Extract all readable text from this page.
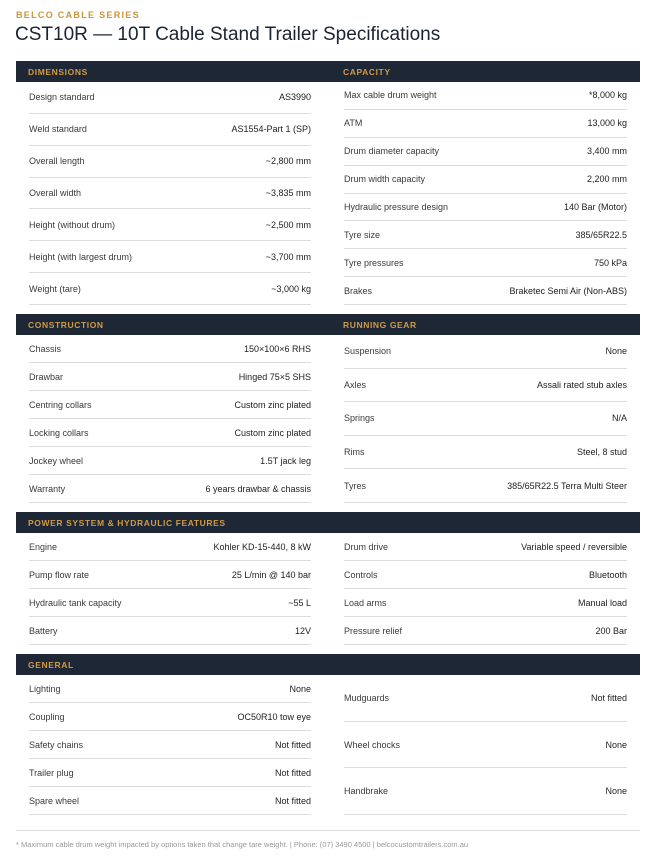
BELCO CABLE SERIES
CST10R — 10T Cable Stand Trailer Specifications
DIMENSIONS	CAPACITY
Design standard	AS3990
Weld standard	AS1554-Part 1 (SP)
Overall length	~2,800 mm
Overall width	~3,835 mm
Height (without drum)	~2,500 mm
Height (with largest drum)	~3,700 mm
Weight (tare)	~3,000 kg
Max cable drum weight	*8,000 kg
ATM	13,000 kg
Drum diameter capacity	3,400 mm
Drum width capacity	2,200 mm
Hydraulic pressure design	140 Bar (Motor)
Tyre size	385/65R22.5
Tyre pressures	750 kPa
Brakes	Braketec Semi Air (Non-ABS)
CONSTRUCTION	RUNNING GEAR
Chassis	150×100×6 RHS
Drawbar	Hinged 75×5 SHS
Centring collars	Custom zinc plated
Locking collars	Custom zinc plated
Jockey wheel	1.5T jack leg
Warranty	6 years drawbar & chassis
Suspension	None
Axles	Assali rated stub axles
Springs	N/A
Rims	Steel, 8 stud
Tyres	385/65R22.5 Terra Multi Steer
POWER SYSTEM & HYDRAULIC FEATURES
Engine	Kohler KD-15-440, 8 kW
Pump flow rate	25 L/min @ 140 bar
Hydraulic tank capacity	~55 L
Battery	12V
Drum drive	Variable speed / reversible
Controls	Bluetooth
Load arms	Manual load
Pressure relief	200 Bar
GENERAL
Lighting	None
Coupling	OC50R10 tow eye
Safety chains	Not fitted
Trailer plug	Not fitted
Spare wheel	Not fitted
Mudguards	Not fitted
Wheel chocks	None
Handbrake	None
* Maximum cable drum weight impacted by options taken that change tare weight. | Phone: (07) 3490 4500 | belcocustomtrailers.com.au
